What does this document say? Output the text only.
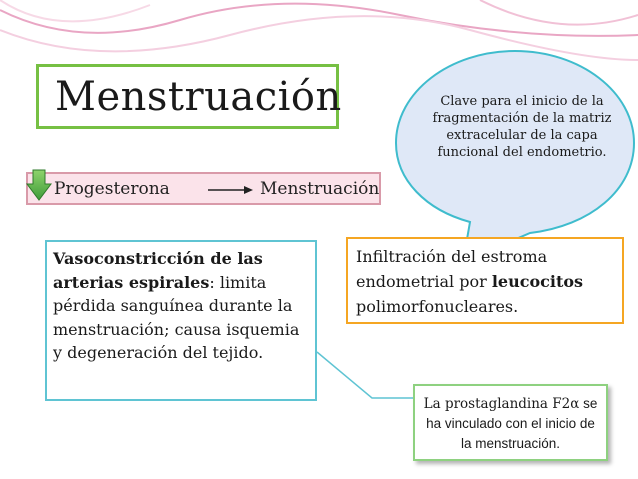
Menstruación
Progesterona	Menstruación
Clave para el inicio de la fragmentación de la matriz extracelular de la capa funcional del endometrio.
Vasoconstricción de las arterias espirales: limita pérdida sanguínea durante la menstruación; causa isquemia y degeneración del tejido.
Infiltración del estroma endometrial por leucocitos polimorfonucleares.
La prostaglandina F2α se ha vinculado con el inicio de la menstruación.
